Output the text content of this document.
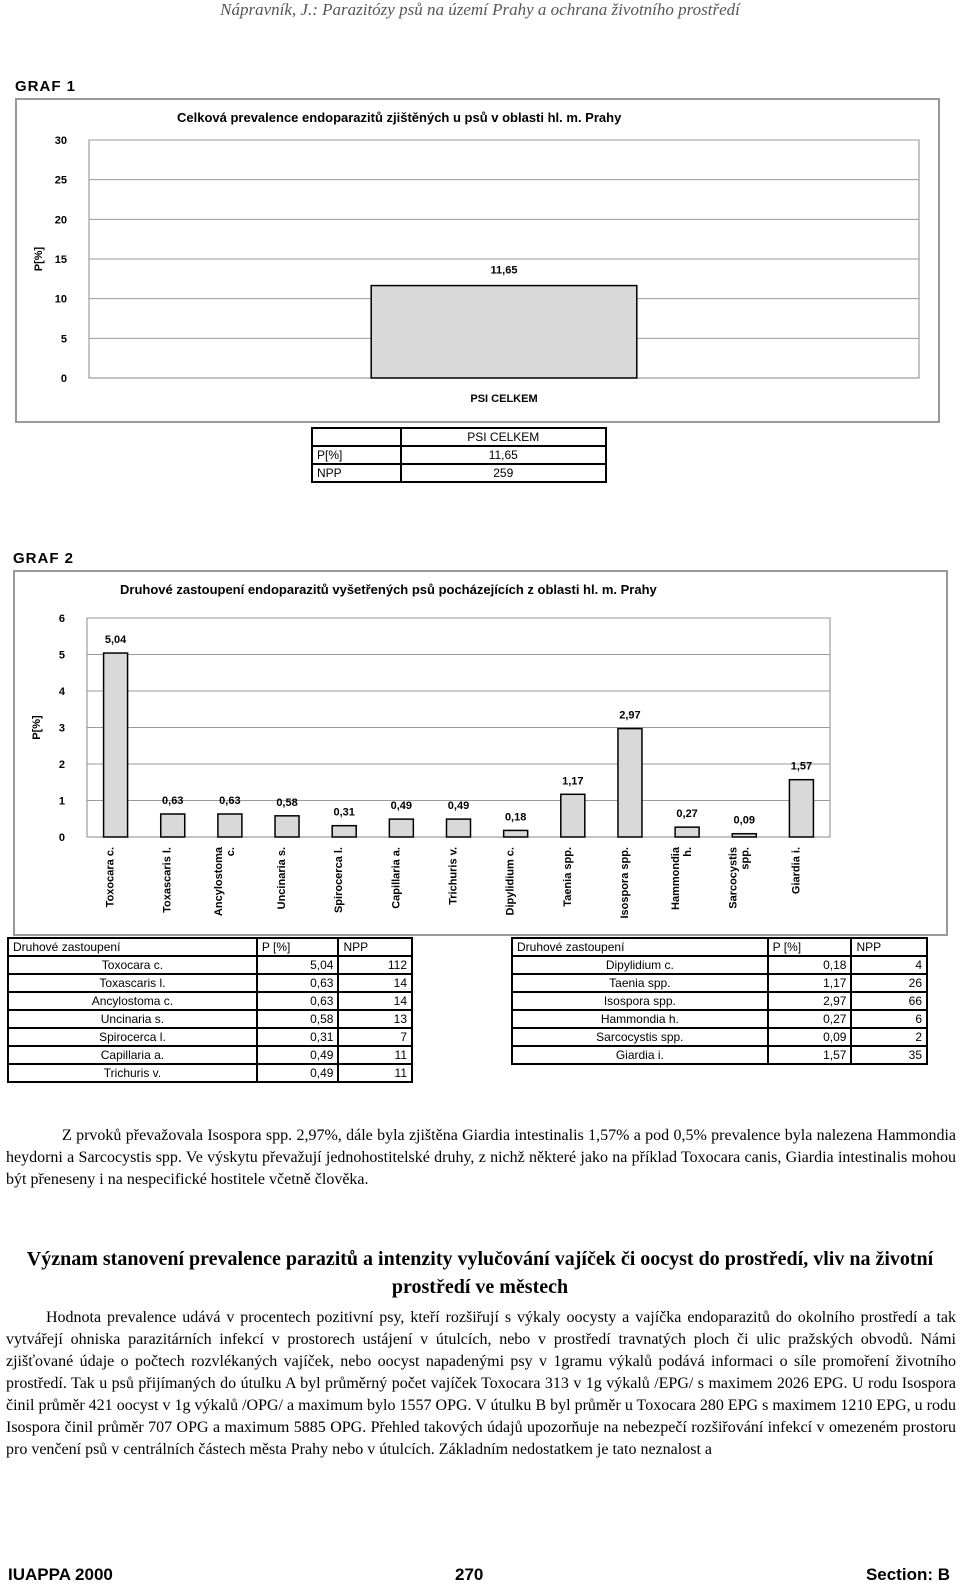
Nápravník, J.: Parazitózy psů na území Prahy a ochrana životního prostředí
GRAF 1
Celková prevalence endoparazitů zjištěných u psů v oblasti hl. m. Prahy
0
5
10
15
20
25
30
P[%]	11,65
PSI CELKEM
	PSI CELKEM
P[%]	11,65
NPP	259
GRAF 2
Druhové zastoupení endoparazitů vyšetřených psů pocházejících z oblasti hl. m. Prahy
0
1
2
3
4
5
6
P[%]
5,04
Toxocara c.
0,63
Toxascaris l.
0,63
Ancylostoma c.
0,58
Uncinaria s.
0,31
Spirocerca l.
0,49
Capillaria a.
0,49
Trichuris v.
0,18
Dipylidium c.
1,17
Taenia spp.
2,97
Isospora spp.
0,27
Hammondia h.
0,09
Sarcocystis spp.
1,57
Giardia i.
Druhové zastoupení	P [%]	NPP
Toxocara c.	5,04	112
Toxascaris l.	0,63	14
Ancylostoma c.	0,63	14
Uncinaria s.	0,58	13
Spirocerca l.	0,31	7
Capillaria a.	0,49	11
Trichuris v.	0,49	11
Druhové zastoupení	P [%]	NPP
Dipylidium c.	0,18	4
Taenia spp.	1,17	26
Isospora spp.	2,97	66
Hammondia h.	0,27	6
Sarcocystis spp.	0,09	2
Giardia i.	1,57	35
Z prvoků převažovala Isospora spp. 2,97%, dále byla zjištěna Giardia intestinalis 1,57% a pod 0,5% prevalence byla nalezena Hammondia heydorni a Sarcocystis spp. Ve výskytu převažují jednohostitelské druhy, z nichž některé jako na příklad Toxocara canis, Giardia intestinalis mohou být přeneseny i na nespecifické hostitele včetně člověka.
Význam stanovení prevalence parazitů a intenzity vylučování vajíček či oocyst do prostředí, vliv na životní prostředí ve městech
Hodnota prevalence udává v procentech pozitivní psy, kteří rozšiřují s výkaly oocysty a vajíčka endoparazitů do okolního prostředí a tak vytvářejí ohniska parazitárních infekcí v prostorech ustájení v útulcích, nebo v prostředí travnatých ploch či ulic pražských obvodů. Námi zjišťované údaje o počtech rozvlékaných vajíček, nebo oocyst napadenými psy v 1gramu výkalů podává informaci o síle promoření životního prostředí. Tak u psů přijímaných do útulku A byl průměrný počet vajíček Toxocara 313 v 1g výkalů /EPG/ s maximem 2026 EPG. U rodu Isospora činil průměr 421 oocyst v 1g výkalů /OPG/ a maximum bylo 1557 OPG. V útulku B byl průměr u Toxocara 280 EPG s maximem 1210 EPG, u rodu Isospora činil průměr 707 OPG a maximum 5885 OPG. Přehled takových údajů upozorňuje na nebezpečí rozšiřování infekcí v omezeném prostoru pro venčení psů v centrálních částech města Prahy nebo v útulcích. Základním nedostatkem je tato neznalost a
IUAPPA 2000	270	Section: B
